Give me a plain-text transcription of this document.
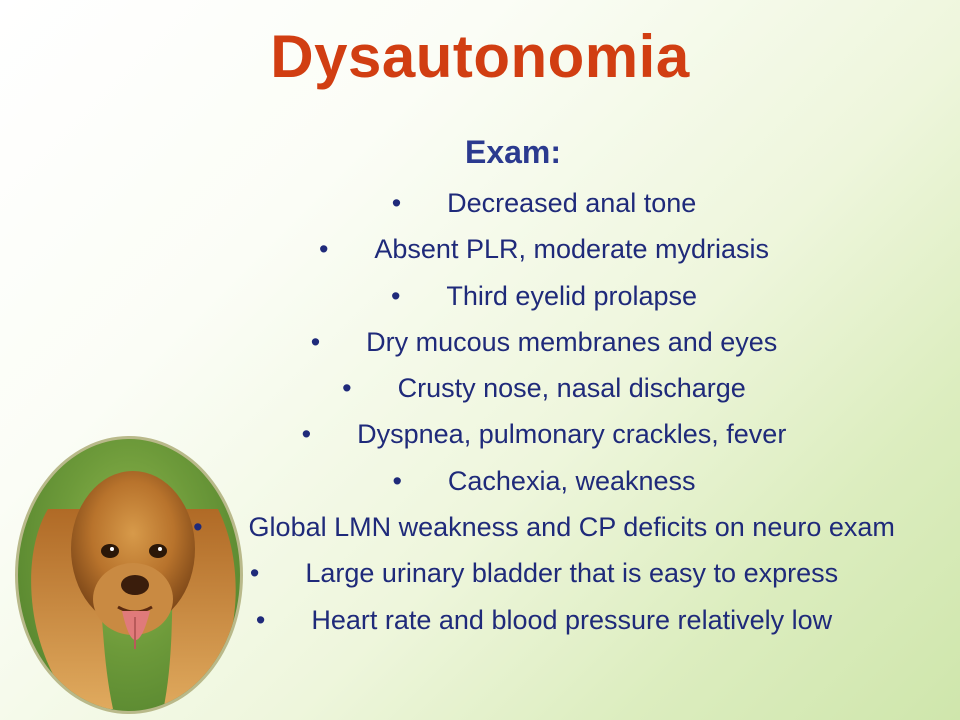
Dysautonomia
Exam:
• Decreased anal tone
• Absent PLR, moderate mydriasis
• Third eyelid prolapse
• Dry mucous membranes and eyes
• Crusty nose, nasal discharge
• Dyspnea, pulmonary crackles, fever
• Cachexia, weakness
• Global LMN weakness and CP deficits on neuro exam
• Large urinary bladder that is easy to express
• Heart rate and blood pressure relatively low
